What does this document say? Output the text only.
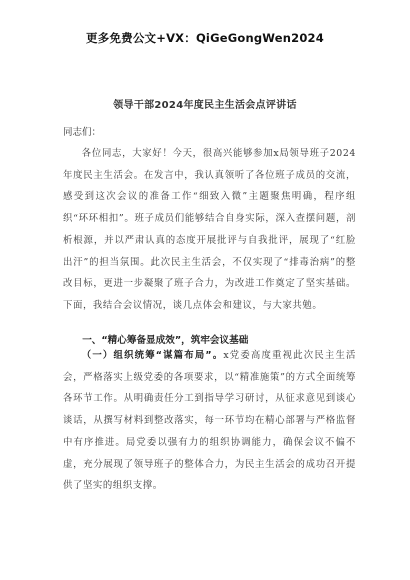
更多免费公文+VX：QiGeGongWen2024
领导干部2024年度民主生活会点评讲话
同志们：
各位同志，大家好！今天，很高兴能够参加x局领导班子2024年度民主生活会。在发言中，我认真领听了各位班子成员的交流，感受到这次会议的准备工作“细致入微”主题聚焦明确，程序组织“环环相扣”。班子成员们能够结合自身实际，深入查摆问题，剖析根源，并以严肃认真的态度开展批评与自我批评，展现了“红脸出汗”的担当氛围。此次民主生活会，不仅实现了“排毒治病”的整改目标，更进一步凝聚了班子合力，为改进工作奠定了坚实基础。下面，我结合会议情况，谈几点体会和建议，与大家共勉。
一、“精心筹备显成效”，筑牢会议基础
（一）组织统筹“谋篇布局”。x党委高度重视此次民主生活会，严格落实上级党委的各项要求，以“精准施策”的方式全面统筹各环节工作。从明确责任分工到指导学习研讨，从征求意见到谈心谈话，从撰写材料到整改落实，每一环节均在精心部署与严格监督中有序推进。局党委以强有力的组织协调能力，确保会议不偏不虚，充分展现了领导班子的整体合力，为民主生活会的成功召开提供了坚实的组织支撑。
